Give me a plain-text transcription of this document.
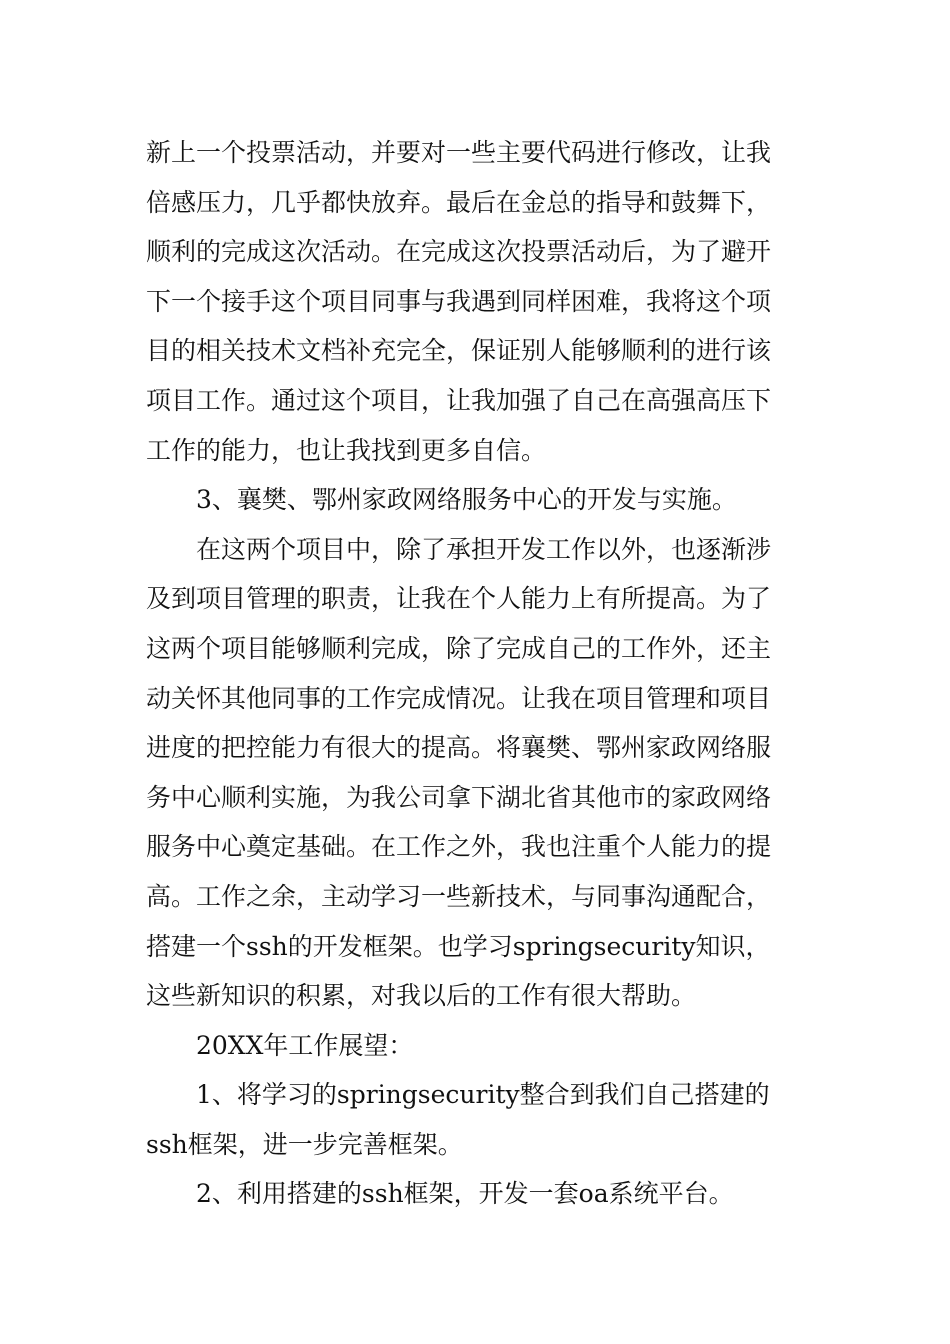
新上一个投票活动，并要对一些主要代码进行修改，让我
倍感压力，几乎都快放弃。最后在金总的指导和鼓舞下，
顺利的完成这次活动。在完成这次投票活动后，为了避开
下一个接手这个项目同事与我遇到同样困难，我将这个项
目的相关技术文档补充完全，保证别人能够顺利的进行该
项目工作。通过这个项目，让我加强了自己在高强高压下
工作的能力，也让我找到更多自信。

　　3、襄樊、鄂州家政网络服务中心的开发与实施。

　　在这两个项目中，除了承担开发工作以外，也逐渐涉
及到项目管理的职责，让我在个人能力上有所提高。为了
这两个项目能够顺利完成，除了完成自己的工作外，还主
动关怀其他同事的工作完成情况。让我在项目管理和项目
进度的把控能力有很大的提高。将襄樊、鄂州家政网络服
务中心顺利实施，为我公司拿下湖北省其他市的家政网络
服务中心奠定基础。在工作之外，我也注重个人能力的提
高。工作之余，主动学习一些新技术，与同事沟通配合，
搭建一个ssh的开发框架。也学习springsecurity知识，
这些新知识的积累，对我以后的工作有很大帮助。

　　20XX年工作展望：

　　1、将学习的springsecurity整合到我们自己搭建的
ssh框架，进一步完善框架。

　　2、利用搭建的ssh框架，开发一套oa系统平台。
